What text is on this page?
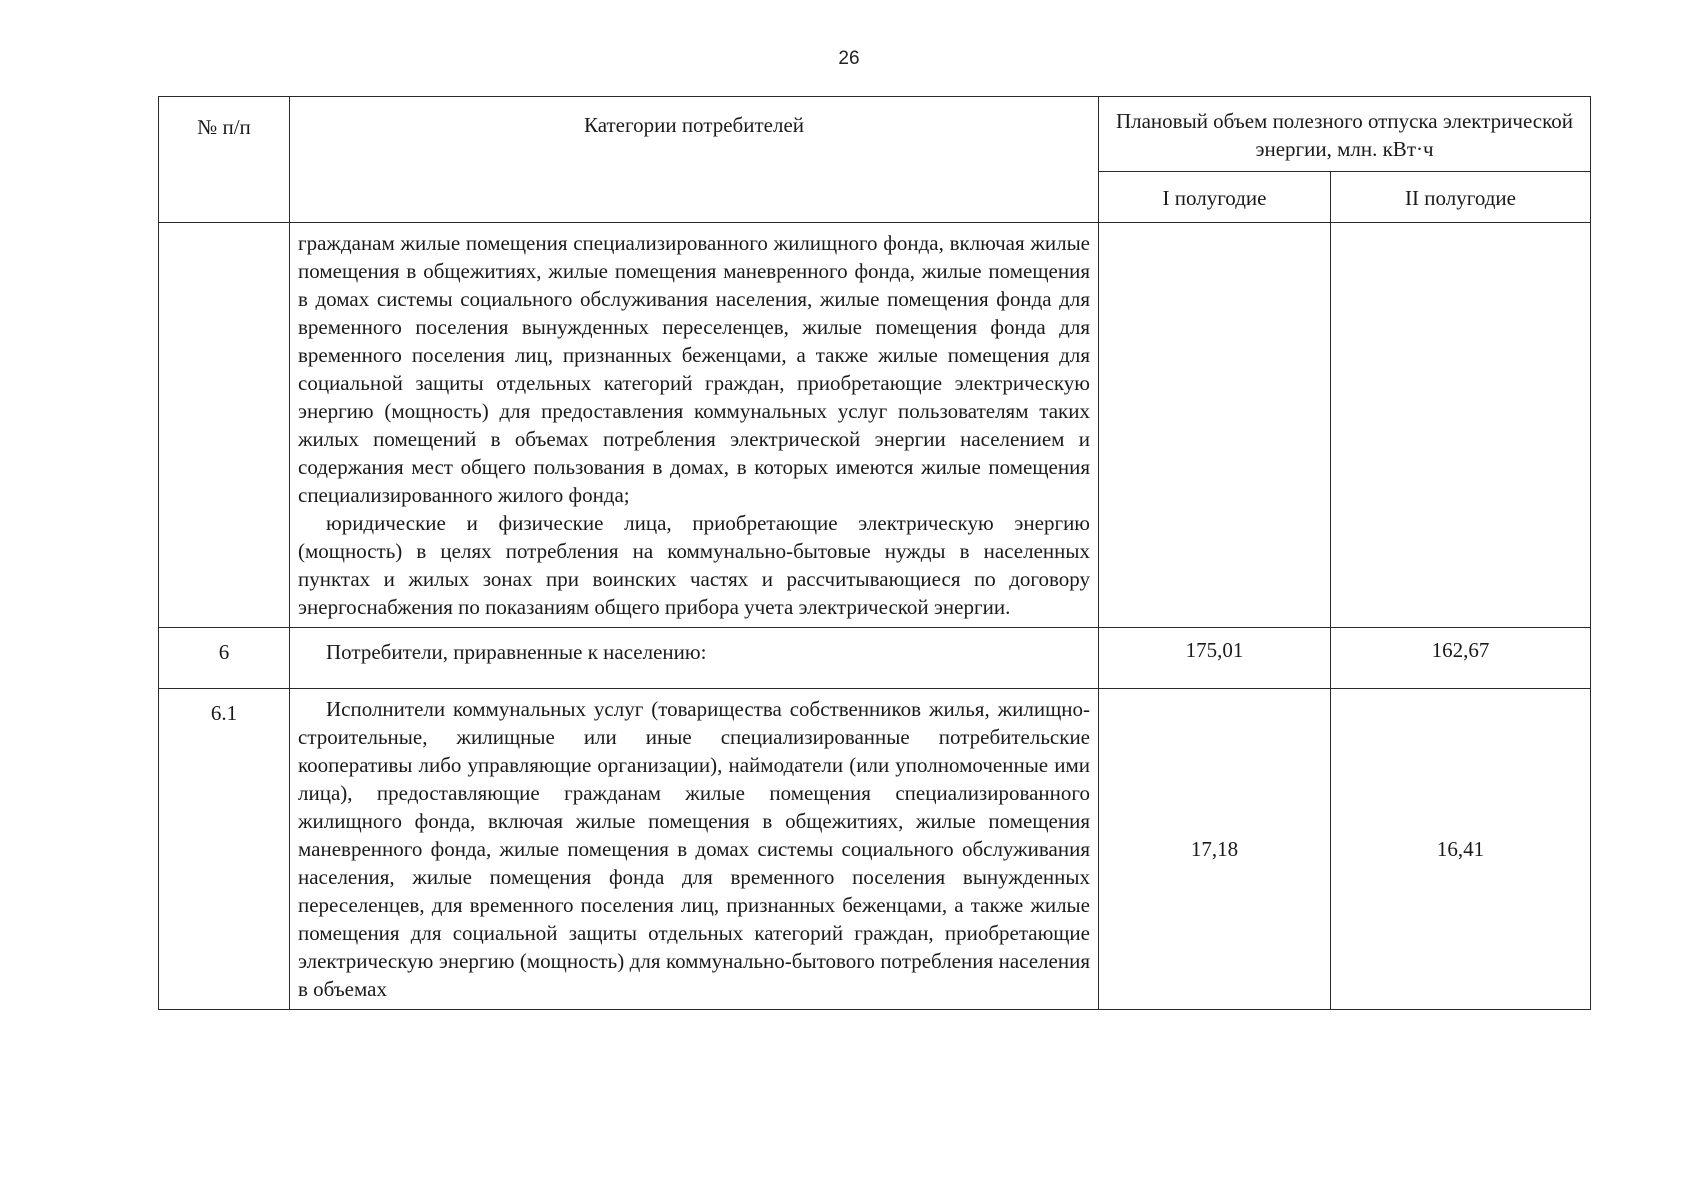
26
№ п/п	Категории потребителей	Плановый объем полезного отпуска электрической энергии, млн. кВт·ч	
		I полугодие	II полугодие

	гражданам жилые помещения специализированного жилищного фонда, включая жилые помещения в общежитиях, жилые помещения маневренного фонда, жилые помещения в домах системы социального обслуживания населения, жилые помещения фонда для временного поселения вынужденных переселенцев, жилые помещения фонда для временного поселения лиц, признанных беженцами, а также жилые помещения для социальной защиты отдельных категорий граждан, приобретающие электрическую энергию (мощность) для предоставления коммунальных услуг пользователям таких жилых помещений в объемах потребления электрической энергии населением и содержания мест общего пользования в домах, в которых имеются жилые помещения специализированного жилого фонда;

юридические и физические лица, приобретающие электрическую энергию (мощность) в целях потребления на коммунально-бытовые нужды в населенных пунктах и жилых зонах при воинских частях и рассчитывающиеся по договору энергоснабжения по показаниям общего прибора учета электрической энергии.		

6	Потребители, приравненные к населению:	175,01	162,67
6.1	Исполнители коммунальных услуг (товарищества собственников жилья, жилищно-строительные, жилищные или иные специализированные потребительские кооперативы либо управляющие организации), наймодатели (или уполномоченные ими лица), предоставляющие гражданам жилые помещения специализированного жилищного фонда, включая жилые помещения в общежитиях, жилые помещения маневренного фонда, жилые помещения в домах системы социального обслуживания населения, жилые помещения фонда для временного поселения вынужденных переселенцев, для временного поселения лиц, признанных беженцами, а также жилые помещения для социальной защиты отдельных категорий граждан, приобретающие электрическую энергию (мощность) для коммунально-бытового потребления населения в объемах	17,18	16,41
